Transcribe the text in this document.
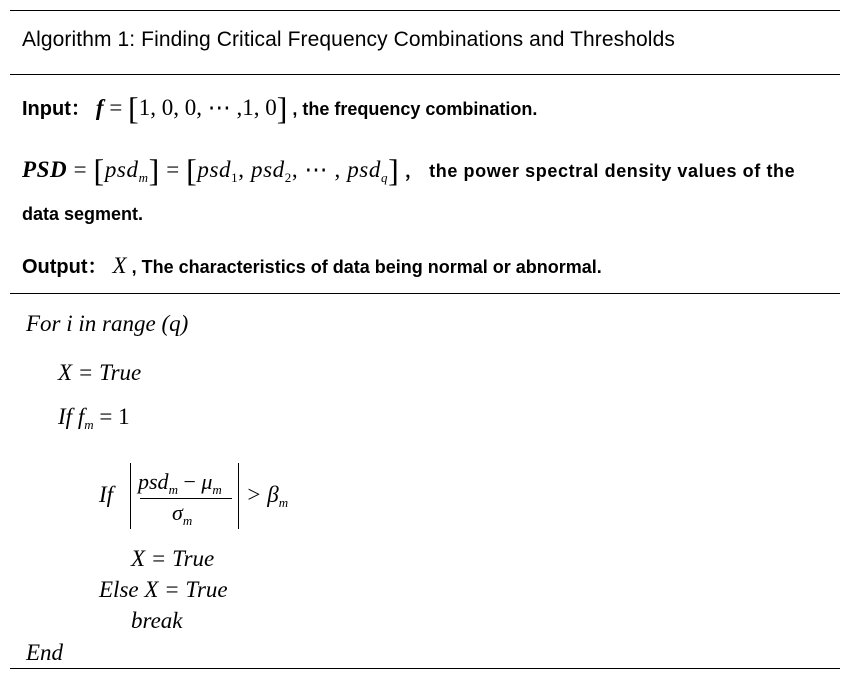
Algorithm 1: Finding Critical Frequency Combinations and Thresholds
Input： f = [1, 0, 0, ⋯ ,1, 0] , the frequency combination.
PSD = [psd$_m$] = [psd$_1$, psd$_2$, ⋯ , psd$_q$] ， the power spectral density values of the
data segment.
Output： X , The characteristics of data being normal or abnormal.
For i in range (q)
X = True
If $f_m = 1$
If
$psd_m - \mu_m$
$\sigma_m$
> $\beta_m$
X = True
Else X = True
break
End
